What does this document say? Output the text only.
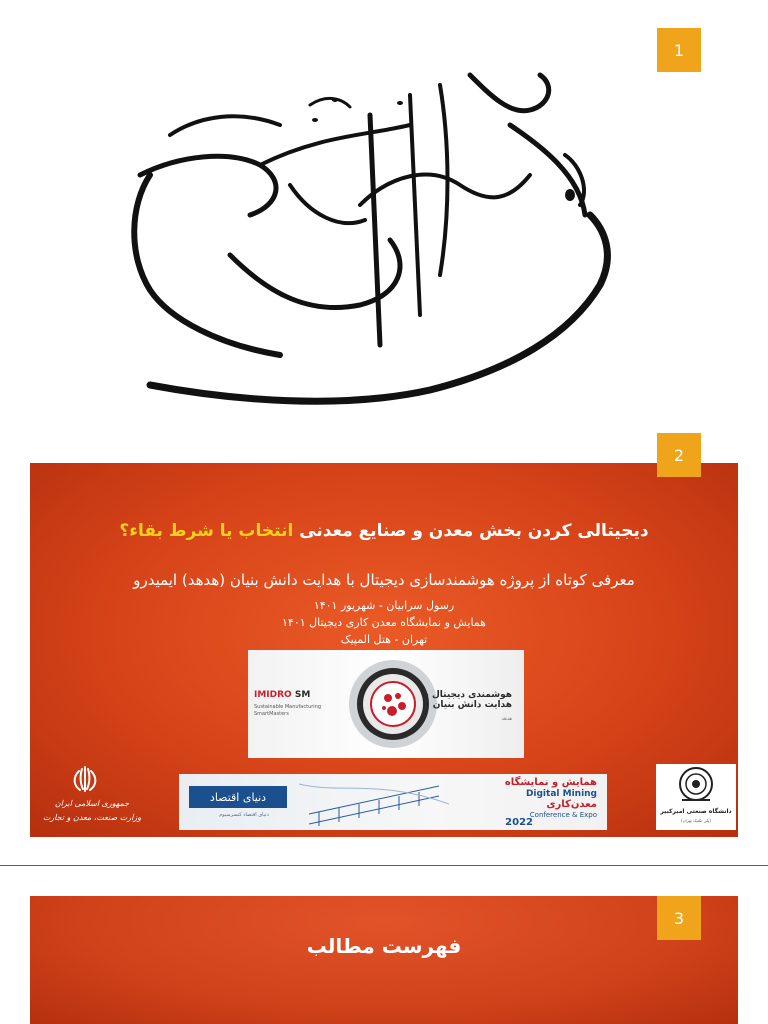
1
2
دیجیتالی کردن بخش معدن و صنایع معدنی انتخاب یا شرط بقاء؟
معرفی کوتاه از پروژه هوشمندسازی دیجیتال با هدایت دانش بنیان (هدهد) ایمیدرو
رسول سرابیان - شهریور ۱۴۰۱
همایش و نمایشگاه معدن کاری دیجیتال ۱۴۰۱
تهران - هتل المپیک
IMIDRO SM
Sustainable Manufacturing SmartMasters
هوشمندی دیجیتال با هدایت دانش بنیان
هدهد
دنیای اقتصاد
دنیای اقتصاد کنسرسیوم
همایش و نمایشگاه
Digital Mining
معدن‌کاری
Conference & Expo
2022
جمهوری اسلامی ایران
وزارت صنعت، معدن و تجارت
دانشگاه صنعتی امیرکبیر
(پلی تکنیک تهران)
فهرست مطالب
3
